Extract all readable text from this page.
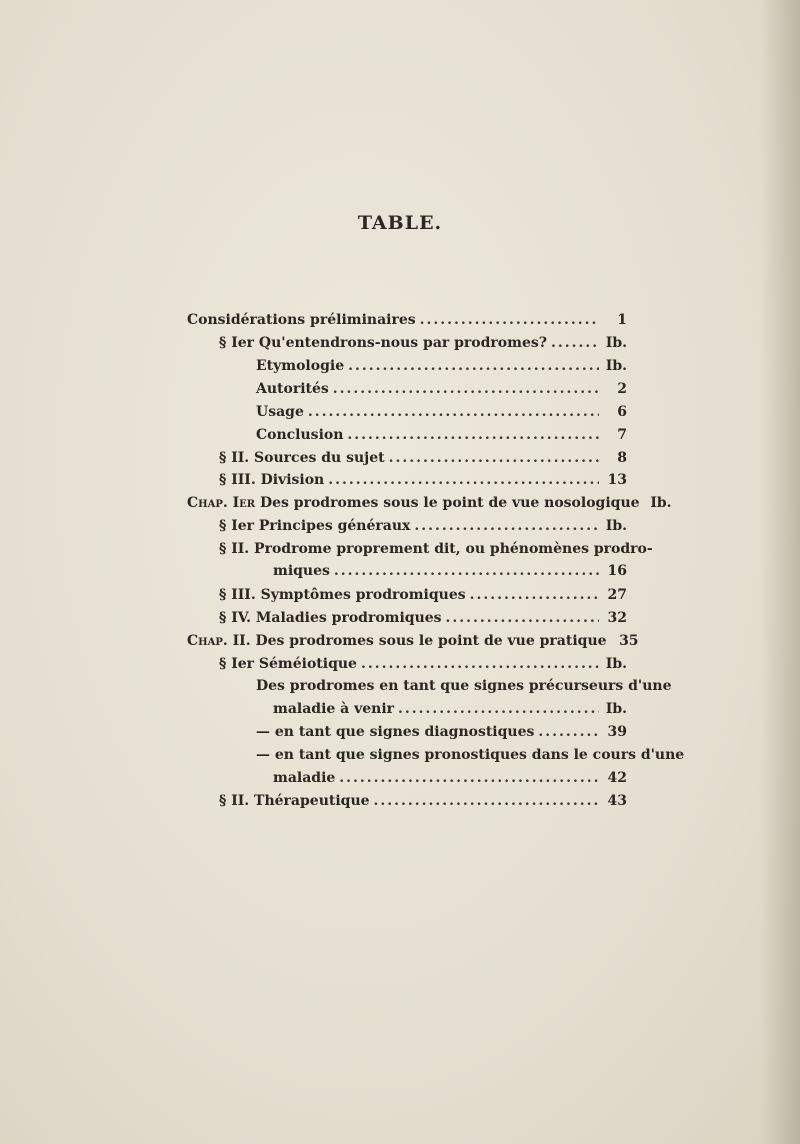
TABLE.
Considérations préliminaires .....	1
§ Ier Qu'entendrons-nous par prodromes? .....	Ib.
Etymologie .....	Ib.
Autorités .....	2
Usage .....	6
Conclusion .....	7
§ II. Sources du sujet .....	8
§ III. Division .....	13
Chap. Ier Des prodromes sous le point de vue nosologique Ib.
§ Ier Principes généraux .....	Ib.
§ II. Prodrome proprement dit, ou phénomènes prodro-
miques .....	16
§ III. Symptômes prodromiques .....	27
§ IV. Maladies prodromiques .....	32
Chap. II. Des prodromes sous le point de vue pratique 35
§ Ier Séméiotique .....	Ib.
Des prodromes en tant que signes précurseurs d'une
maladie à venir .....	Ib.
— en tant que signes diagnostiques .....	39
— en tant que signes pronostiques dans le cours d'une
maladie .....	42
§ II. Thérapeutique .....	43
